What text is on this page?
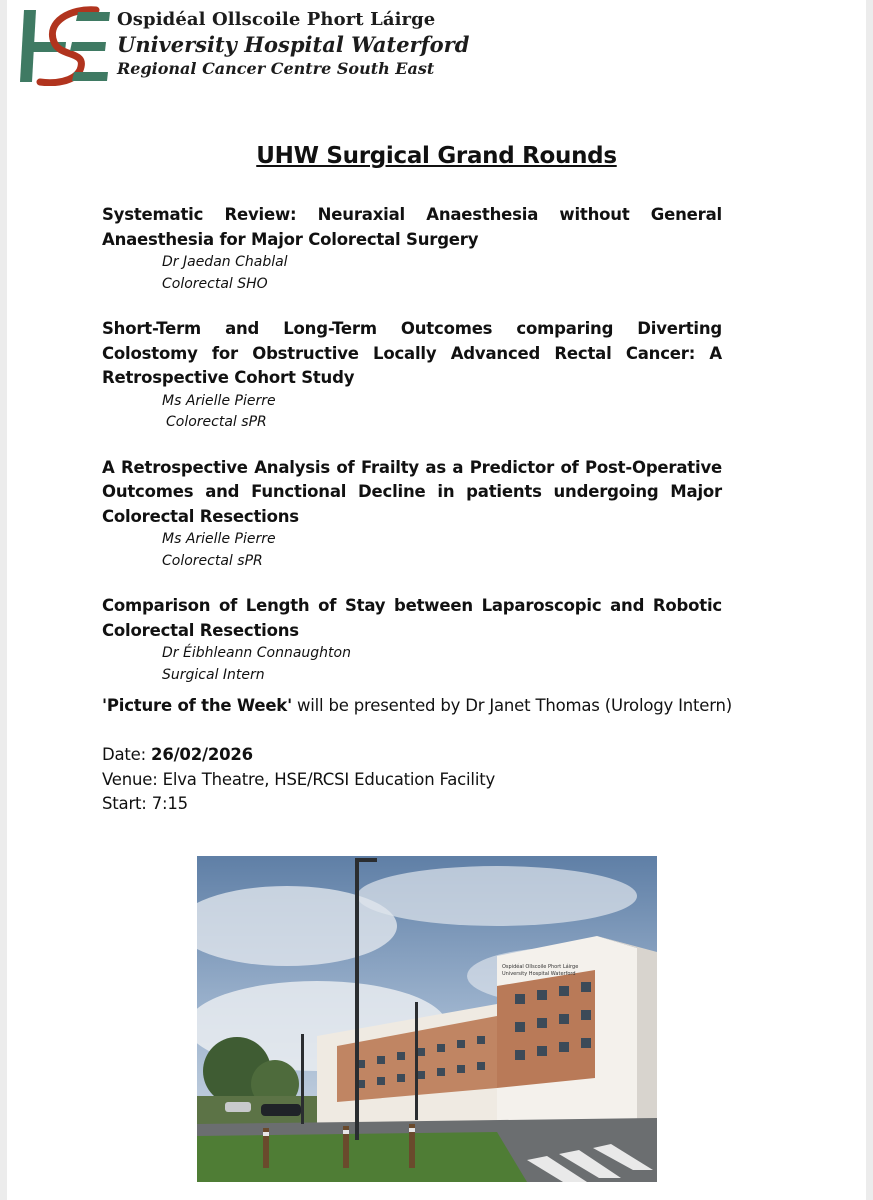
Ospidéal Ollscoile Phort Láirge
University Hospital Waterford
Regional Cancer Centre South East
UHW Surgical Grand Rounds
Systematic Review: Neuraxial Anaesthesia without General Anaesthesia for Major Colorectal Surgery
Dr Jaedan Chablal
Colorectal SHO
Short-Term and Long-Term Outcomes comparing Diverting Colostomy for Obstructive Locally Advanced Rectal Cancer: A Retrospective Cohort Study
Ms Arielle Pierre
Colorectal sPR
A Retrospective Analysis of Frailty as a Predictor of Post-Operative Outcomes and Functional Decline in patients undergoing Major Colorectal Resections
Ms Arielle Pierre
Colorectal sPR
Comparison of Length of Stay between Laparoscopic and Robotic Colorectal Resections
Dr Éibhleann Connaughton
Surgical Intern
'Picture of the Week' will be presented by Dr Janet Thomas (Urology Intern)
Date: 26/02/2026
Venue: Elva Theatre, HSE/RCSI Education Facility
Start: 7:15
Ospidéal Ollscoile Phort Láirge
University Hospital Waterford
